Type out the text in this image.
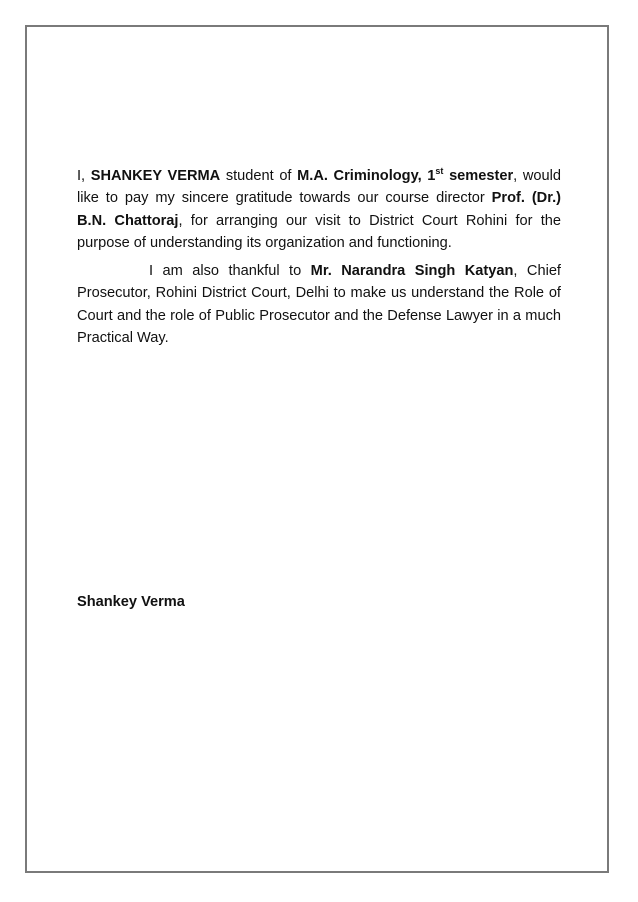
I, SHANKEY VERMA student of M.A. Criminology, 1st semester, would like to pay my sincere gratitude towards our course director Prof. (Dr.) B.N. Chattoraj, for arranging our visit to District Court Rohini for the purpose of understanding its organization and functioning.

I am also thankful to Mr. Narandra Singh Katyan, Chief Prosecutor, Rohini District Court, Delhi to make us understand the Role of Court and the role of Public Prosecutor and the Defense Lawyer in a much Practical Way.

Shankey Verma
